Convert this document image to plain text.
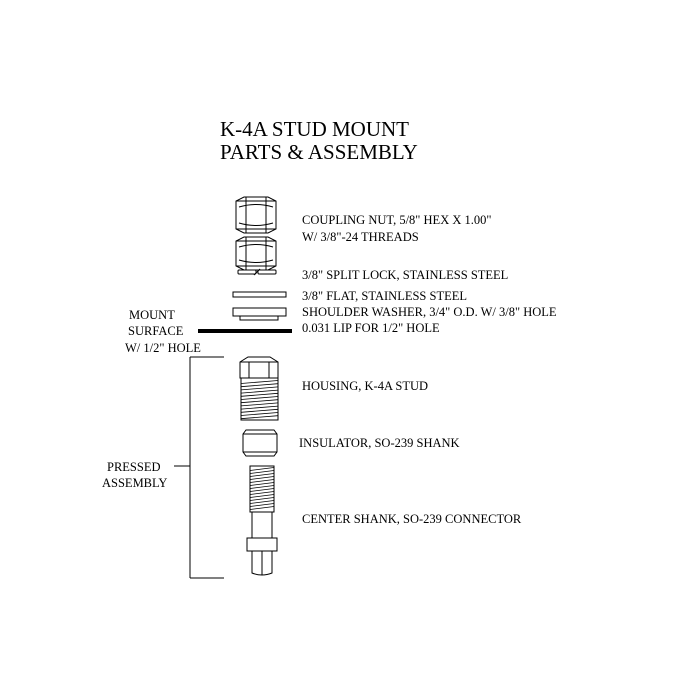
K-4A STUD MOUNT
PARTS & ASSEMBLY
COUPLING NUT, 5/8" HEX X 1.00"
W/ 3/8"-24 THREADS
3/8" SPLIT LOCK, STAINLESS STEEL
3/8" FLAT, STAINLESS STEEL
SHOULDER WASHER, 3/4" O.D. W/ 3/8" HOLE
0.031 LIP FOR 1/2" HOLE
MOUNT
SURFACE
W/ 1/2" HOLE
HOUSING, K-4A STUD
INSULATOR, SO-239 SHANK
CENTER SHANK, SO-239 CONNECTOR
PRESSED
ASSEMBLY
